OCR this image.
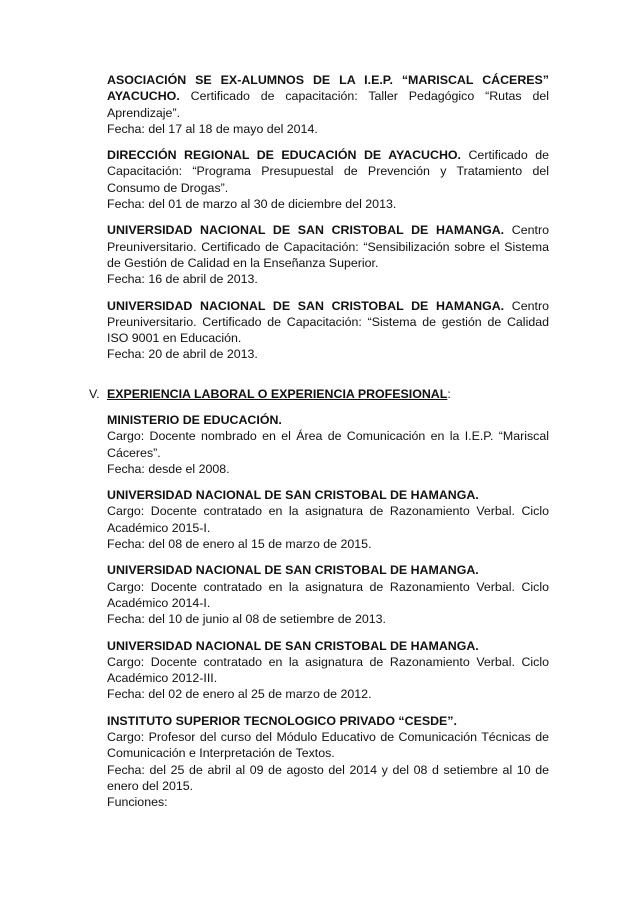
ASOCIACIÓN SE EX-ALUMNOS DE LA I.E.P. “MARISCAL CÁCERES” AYACUCHO. Certificado de capacitación: Taller Pedagógico “Rutas del Aprendizaje”.

Fecha: del 17 al 18 de mayo del 2014.

DIRECCIÓN REGIONAL DE EDUCACIÓN DE AYACUCHO. Certificado de Capacitación: “Programa Presupuestal de Prevención y Tratamiento del Consumo de Drogas”.

Fecha: del 01 de marzo al 30 de diciembre del 2013.

UNIVERSIDAD NACIONAL DE SAN CRISTOBAL DE HAMANGA. Centro Preuniversitario. Certificado de Capacitación: “Sensibilización sobre el Sistema de Gestión de Calidad en la Enseñanza Superior.

Fecha: 16 de abril de 2013.

UNIVERSIDAD NACIONAL DE SAN CRISTOBAL DE HAMANGA. Centro Preuniversitario. Certificado de Capacitación: “Sistema de gestión de Calidad ISO 9001 en Educación.

Fecha: 20 de abril de 2013.

V. EXPERIENCIA LABORAL O EXPERIENCIA PROFESIONAL:
MINISTERIO DE EDUCACIÓN.

Cargo: Docente nombrado en el Área de Comunicación en la I.E.P. “Mariscal Cáceres”.

Fecha: desde el 2008.

UNIVERSIDAD NACIONAL DE SAN CRISTOBAL DE HAMANGA.

Cargo: Docente contratado en la asignatura de Razonamiento Verbal. Ciclo Académico 2015-I.

Fecha: del 08 de enero al 15 de marzo de 2015.

UNIVERSIDAD NACIONAL DE SAN CRISTOBAL DE HAMANGA.

Cargo: Docente contratado en la asignatura de Razonamiento Verbal. Ciclo Académico 2014-I.

Fecha: del 10 de junio al 08 de setiembre de 2013.

UNIVERSIDAD NACIONAL DE SAN CRISTOBAL DE HAMANGA.

Cargo: Docente contratado en la asignatura de Razonamiento Verbal. Ciclo Académico 2012-III.

Fecha: del 02 de enero al 25 de marzo de 2012.

INSTITUTO SUPERIOR TECNOLOGICO PRIVADO “CESDE”.

Cargo: Profesor del curso del Módulo Educativo de Comunicación Técnicas de Comunicación e Interpretación de Textos.

Fecha: del 25 de abril al 09 de agosto del 2014 y del 08 d setiembre al 10 de enero del 2015.

Funciones:
